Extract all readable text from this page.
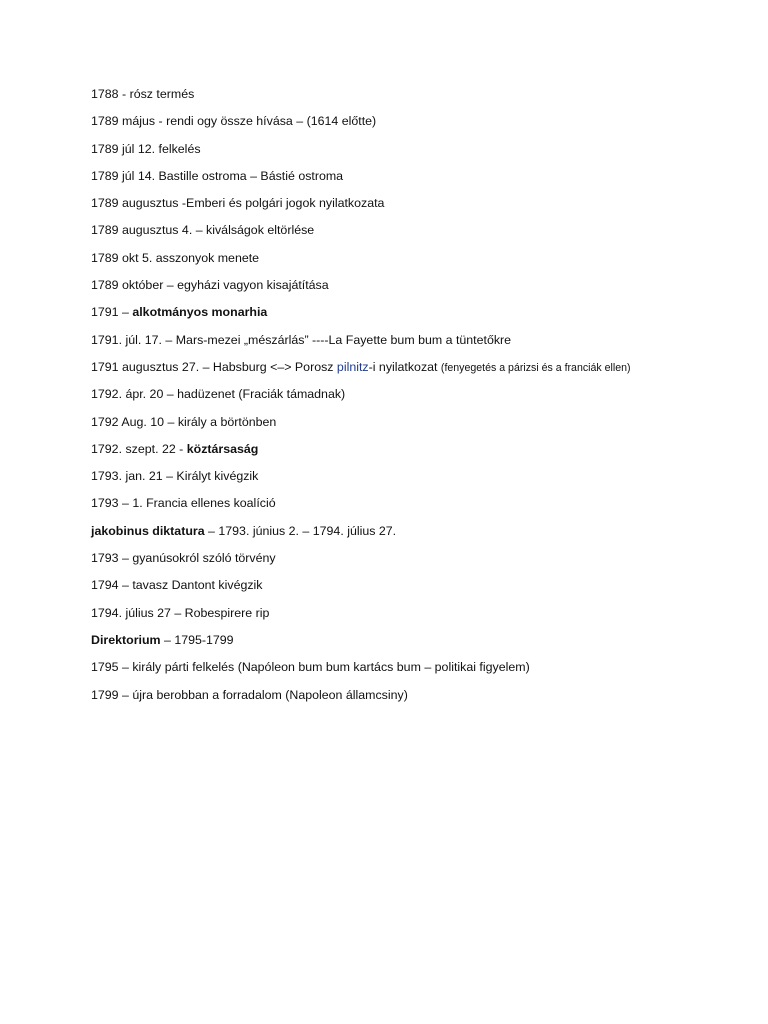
1788 - rósz termés
1789 május - rendi ogy össze hívása – (1614 előtte)
1789 júl 12. felkelés
1789 júl 14. Bastille ostroma – Bástié ostroma
1789 augusztus -Emberi és polgári jogok nyilatkozata
1789 augusztus 4. – kiválságok eltörlése
1789 okt 5. asszonyok menete
1789 október – egyházi vagyon kisajátítása
1791 – alkotmányos monarhia
1791. júl. 17. – Mars-mezei „mészárlás” ----La Fayette bum bum a tüntetőkre
1791 augusztus 27. – Habsburg <–> Porosz pilnitz-i nyilatkozat (fenyegetés a párizsi és a franciák ellen)
1792. ápr. 20 – hadüzenet (Fraciák támadnak)
1792 Aug. 10 – király a börtönben
1792. szept. 22 - köztársaság
1793. jan. 21 – Királyt kivégzik
1793 – 1. Francia ellenes koalíció
jakobinus diktatura – 1793. június 2. – 1794. július 27.
1793 – gyanúsokról szóló törvény
1794 – tavasz Dantont kivégzik
1794. július 27 – Robespirere rip
Direktorium – 1795-1799
1795 – király párti felkelés (Napóleon bum bum kartács bum – politikai figyelem)
1799 – újra berobban a forradalom (Napoleon államcsiny)
